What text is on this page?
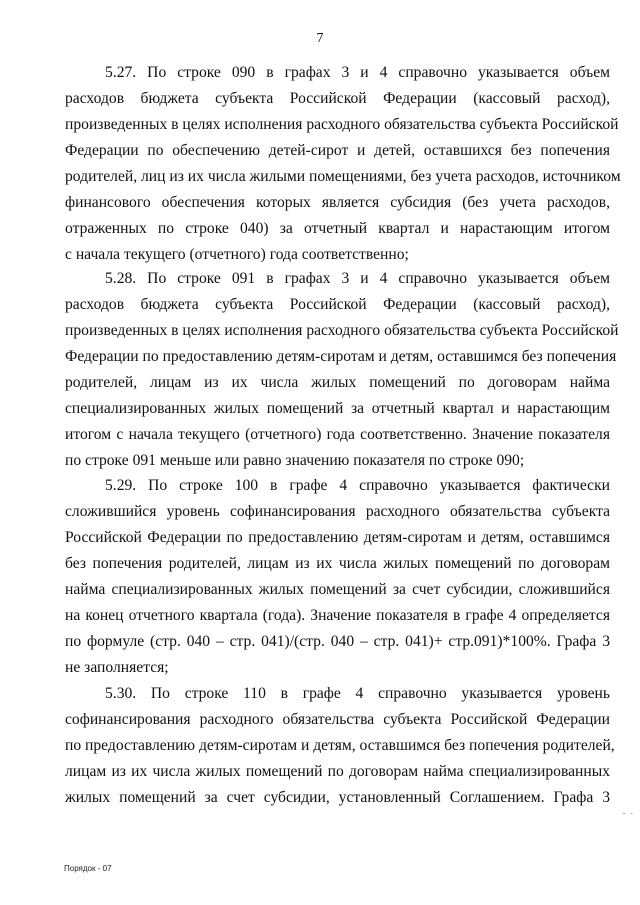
7
5.27. По строке 090 в графах 3 и 4 справочно указывается объем
расходов бюджета субъекта Российской Федерации (кассовый расход),
произведенных в целях исполнения расходного обязательства субъекта Российской
Федерации по обеспечению детей-сирот и детей, оставшихся без попечения
родителей, лиц из их числа жилыми помещениями, без учета расходов, источником
финансового обеспечения которых является субсидия (без учета расходов,
отраженных по строке 040) за отчетный квартал и нарастающим итогом
с начала текущего (отчетного) года соответственно;
5.28. По строке 091 в графах 3 и 4 справочно указывается объем
расходов бюджета субъекта Российской Федерации (кассовый расход),
произведенных в целях исполнения расходного обязательства субъекта Российской
Федерации по предоставлению детям-сиротам и детям, оставшимся без попечения
родителей, лицам из их числа жилых помещений по договорам найма
специализированных жилых помещений за отчетный квартал и нарастающим
итогом с начала текущего (отчетного) года соответственно. Значение показателя
по строке 091 меньше или равно значению показателя по строке 090;
5.29. По строке 100 в графе 4 справочно указывается фактически
сложившийся уровень софинансирования расходного обязательства субъекта
Российской Федерации по предоставлению детям-сиротам и детям, оставшимся
без попечения родителей, лицам из их числа жилых помещений по договорам
найма специализированных жилых помещений за счет субсидии, сложившийся
на конец отчетного квартала (года). Значение показателя в графе 4 определяется
по формуле (стр. 040 – стр. 041)/(стр. 040 – стр. 041)+ стр.091)*100%. Графа 3
не заполняется;
5.30. По строке 110 в графе 4 справочно указывается уровень
софинансирования расходного обязательства субъекта Российской Федерации
по предоставлению детям-сиротам и детям, оставшимся без попечения родителей,
лицам из их числа жилых помещений по договорам найма специализированных
жилых помещений за счет субсидии, установленный Соглашением. Графа 3
Порядок - 07
- -
